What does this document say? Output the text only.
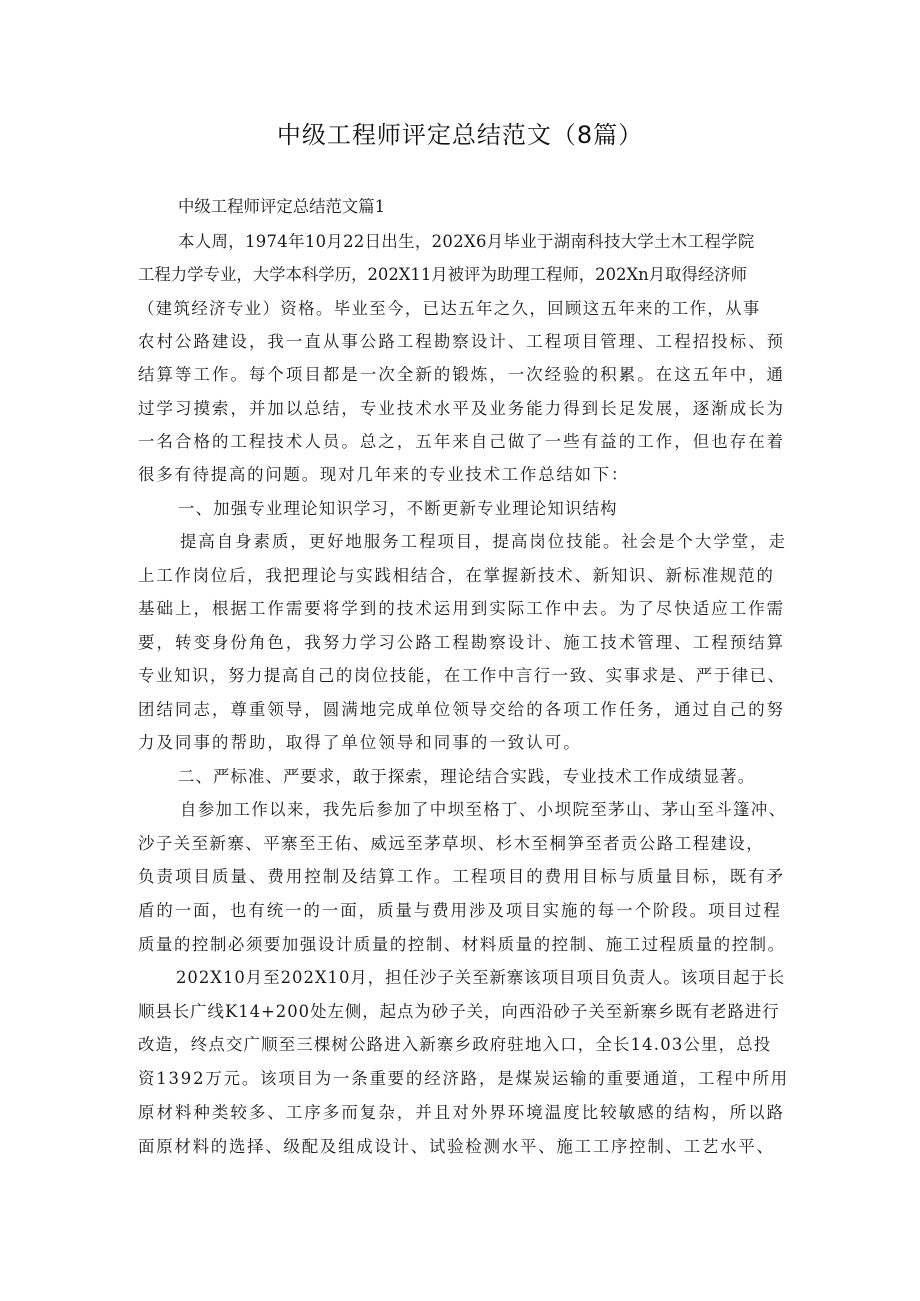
中级工程师评定总结范文（8篇）
中级工程师评定总结范文篇1
本人周，1974年10月22日出生，202X6月毕业于湖南科技大学土木工程学院
工程力学专业，大学本科学历，202X11月被评为助理工程师，202Xn月取得经济师
（建筑经济专业）资格。毕业至今，已达五年之久，回顾这五年来的工作，从事
农村公路建设，我一直从事公路工程勘察设计、工程项目管理、工程招投标、预
结算等工作。每个项目都是一次全新的锻炼，一次经验的积累。在这五年中，通
过学习摸索，并加以总结，专业技术水平及业务能力得到长足发展，逐渐成长为
一名合格的工程技术人员。总之，五年来自己做了一些有益的工作，但也存在着
很多有待提高的问题。现对几年来的专业技术工作总结如下：
一、加强专业理论知识学习，不断更新专业理论知识结构
提高自身素质，更好地服务工程项目，提高岗位技能。社会是个大学堂，走
上工作岗位后，我把理论与实践相结合，在掌握新技术、新知识、新标准规范的
基础上，根据工作需要将学到的技术运用到实际工作中去。为了尽快适应工作需
要，转变身份角色，我努力学习公路工程勘察设计、施工技术管理、工程预结算
专业知识，努力提高自己的岗位技能，在工作中言行一致、实事求是、严于律已、
团结同志，尊重领导，圆满地完成单位领导交给的各项工作任务，通过自己的努
力及同事的帮助，取得了单位领导和同事的一致认可。
二、严标准、严要求，敢于探索，理论结合实践，专业技术工作成绩显著。
自参加工作以来，我先后参加了中坝至格丁、小坝院至茅山、茅山至斗篷冲、
沙子关至新寨、平寨至王佑、威远至茅草坝、杉木至桐笋至者贡公路工程建设，
负责项目质量、费用控制及结算工作。工程项目的费用目标与质量目标，既有矛
盾的一面，也有统一的一面，质量与费用涉及项目实施的每一个阶段。项目过程
质量的控制必须要加强设计质量的控制、材料质量的控制、施工过程质量的控制。
202X10月至202X10月，担任沙子关至新寨该项目项目负责人。该项目起于长
顺县长广线K14+200处左侧，起点为砂子关，向西沿砂子关至新寨乡既有老路进行
改造，终点交广顺至三棵树公路进入新寨乡政府驻地入口，全长14.03公里，总投
资1392万元。该项目为一条重要的经济路，是煤炭运输的重要通道，工程中所用
原材料种类较多、工序多而复杂，并且对外界环境温度比较敏感的结构，所以路
面原材料的选择、级配及组成设计、试验检测水平、施工工序控制、工艺水平、
